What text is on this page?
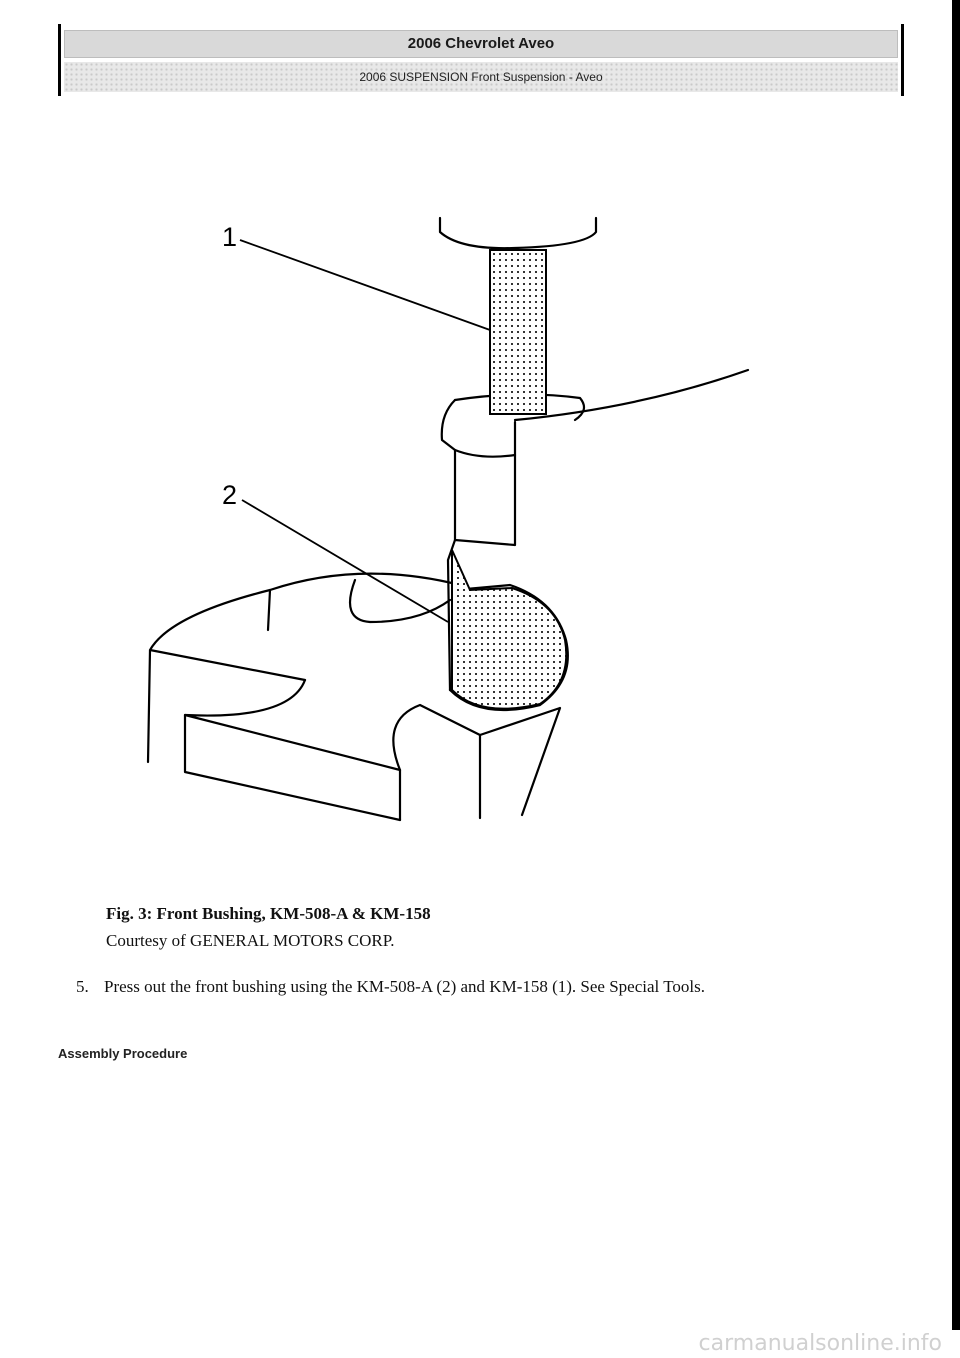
2006 Chevrolet Aveo
2006 SUSPENSION Front Suspension - Aveo
1
2
Fig. 3: Front Bushing, KM-508-A & KM-158
Courtesy of GENERAL MOTORS CORP.
5. Press out the front bushing using the KM-508-A (2) and KM-158 (1). See Special Tools.
Assembly Procedure
carmanualsonline.info
